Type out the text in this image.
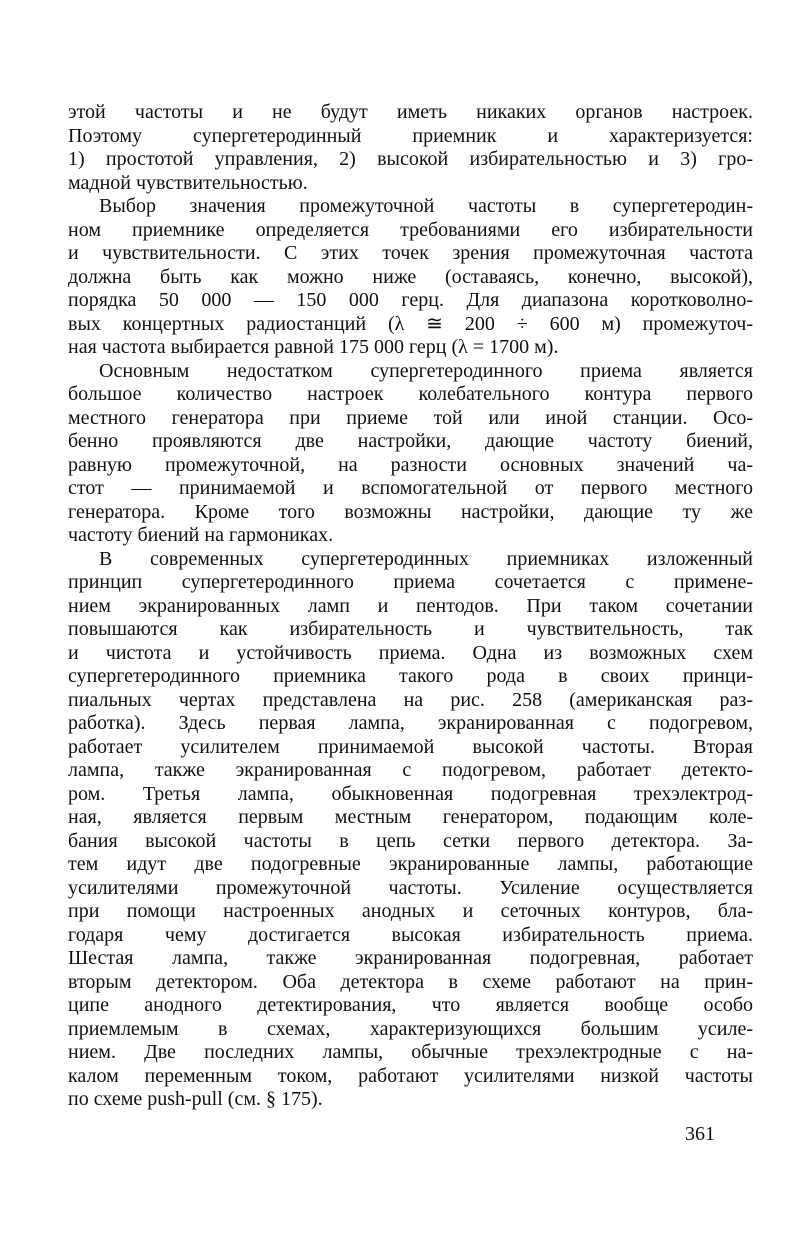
этой частоты и не будут иметь никаких органов настроек.
Поэтому супергетеродинный приемник и характеризуется:
1) простотой управления, 2) высокой избирательностью и 3) гро-
мадной чувствительностью.
Выбор значения промежуточной частоты в супергетеродин-
ном приемнике определяется требованиями его избирательности
и чувствительности. С этих точек зрения промежуточная частота
должна быть как можно ниже (оставаясь, конечно, высокой),
порядка 50 000 — 150 000 герц. Для диапазона коротковолно-
вых концертных радиостанций (λ ≅ 200 ÷ 600 м) промежуточ-
ная частота выбирается равной 175 000 герц (λ = 1700 м).
Основным недостатком супергетеродинного приема является
большое количество настроек колебательного контура первого
местного генератора при приеме той или иной станции. Осо-
бенно проявляются две настройки, дающие частоту биений,
равную промежуточной, на разности основных значений ча-
стот — принимаемой и вспомогательной от первого местного
генератора. Кроме того возможны настройки, дающие ту же
частоту биений на гармониках.
В современных супергетеродинных приемниках изложенный
принцип супергетеродинного приема сочетается с примене-
нием экранированных ламп и пентодов. При таком сочетании
повышаются как избирательность и чувствительность, так
и чистота и устойчивость приема. Одна из возможных схем
супергетеродинного приемника такого рода в своих принци-
пиальных чертах представлена на рис. 258 (американская раз-
работка). Здесь первая лампа, экранированная с подогревом,
работает усилителем принимаемой высокой частоты. Вторая
лампа, также экранированная с подогревом, работает детекто-
ром. Третья лампа, обыкновенная подогревная трехэлектрод-
ная, является первым местным генератором, подающим коле-
бания высокой частоты в цепь сетки первого детектора. За-
тем идут две подогревные экранированные лампы, работающие
усилителями промежуточной частоты. Усиление осуществляется
при помощи настроенных анодных и сеточных контуров, бла-
годаря чему достигается высокая избирательность приема.
Шестая лампа, также экранированная подогревная, работает
вторым детектором. Оба детектора в схеме работают на прин-
ципе анодного детектирования, что является вообще особо
приемлемым в схемах, характеризующихся большим усиле-
нием. Две последних лампы, обычные трехэлектродные с на-
калом переменным током, работают усилителями низкой частоты
по схеме push-pull (см. § 175).
361
